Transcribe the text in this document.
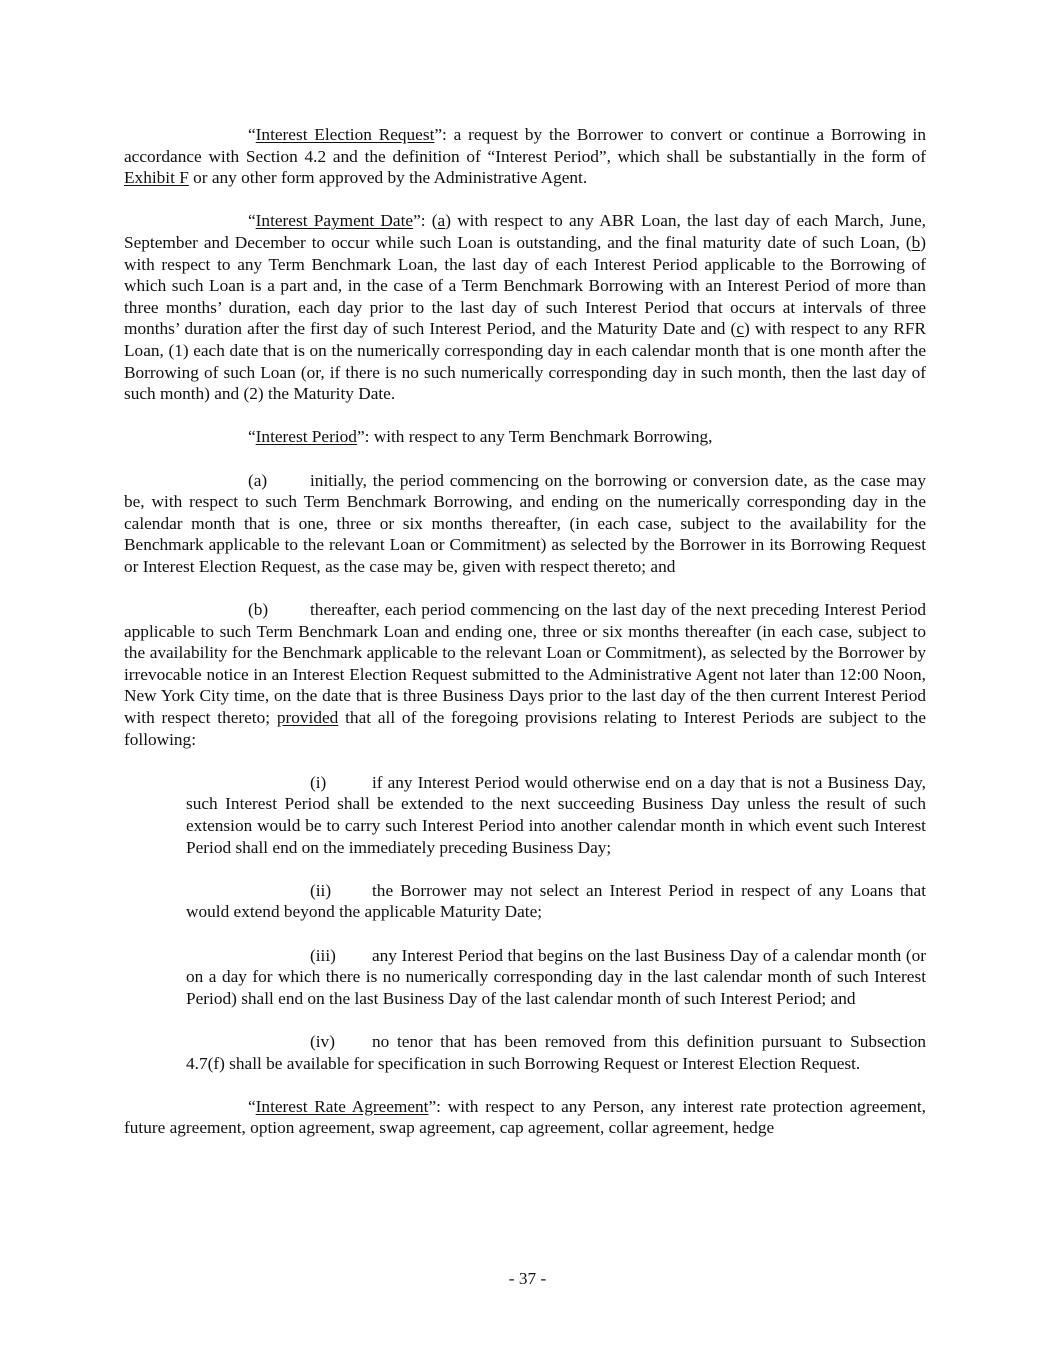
“Interest Election Request”: a request by the Borrower to convert or continue a Borrowing in accordance with Section 4.2 and the definition of “Interest Period”, which shall be substantially in the form of Exhibit F or any other form approved by the Administrative Agent.

“Interest Payment Date”: (a) with respect to any ABR Loan, the last day of each March, June, September and December to occur while such Loan is outstanding, and the final maturity date of such Loan, (b) with respect to any Term Benchmark Loan, the last day of each Interest Period applicable to the Borrowing of which such Loan is a part and, in the case of a Term Benchmark Borrowing with an Interest Period of more than three months’ duration, each day prior to the last day of such Interest Period that occurs at intervals of three months’ duration after the first day of such Interest Period, and the Maturity Date and (c) with respect to any RFR Loan, (1) each date that is on the numerically corresponding day in each calendar month that is one month after the Borrowing of such Loan (or, if there is no such numerically corresponding day in such month, then the last day of such month) and (2) the Maturity Date.

“Interest Period”: with respect to any Term Benchmark Borrowing,

(a) initially, the period commencing on the borrowing or conversion date, as the case may be, with respect to such Term Benchmark Borrowing, and ending on the numerically corresponding day in the calendar month that is one, three or six months thereafter, (in each case, subject to the availability for the Benchmark applicable to the relevant Loan or Commitment) as selected by the Borrower in its Borrowing Request or Interest Election Request, as the case may be, given with respect thereto; and

(b) thereafter, each period commencing on the last day of the next preceding Interest Period applicable to such Term Benchmark Loan and ending one, three or six months thereafter (in each case, subject to the availability for the Benchmark applicable to the relevant Loan or Commitment), as selected by the Borrower by irrevocable notice in an Interest Election Request submitted to the Administrative Agent not later than 12:00 Noon, New York City time, on the date that is three Business Days prior to the last day of the then current Interest Period with respect thereto; provided that all of the foregoing provisions relating to Interest Periods are subject to the following:

(i)	if any Interest Period would otherwise end on a day that is not a Business Day, such Interest Period shall be extended to the next succeeding Business Day unless the result of such extension would be to carry such Interest Period into another calendar month in which event such Interest Period shall end on the immediately preceding Business Day;

(ii) the Borrower may not select an Interest Period in respect of any Loans that would extend beyond the applicable Maturity Date;

(iii) any Interest Period that begins on the last Business Day of a calendar month (or on a day for which there is no numerically corresponding day in the last calendar month of such Interest Period) shall end on the last Business Day of the last calendar month of such Interest Period; and

(iv) no tenor that has been removed from this definition pursuant to Subsection 4.7(f) shall be available for specification in such Borrowing Request or Interest Election Request.

“Interest Rate Agreement”: with respect to any Person, any interest rate protection agreement, future agreement, option agreement, swap agreement, cap agreement, collar agreement, hedge

- 37 -
